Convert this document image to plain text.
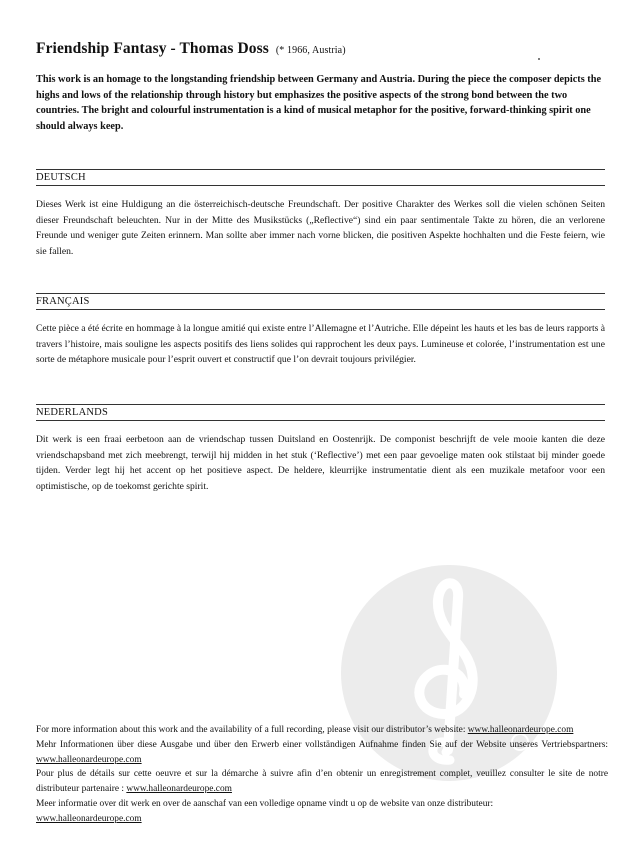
Friendship Fantasy - Thomas Doss (* 1966, Austria)
This work is an homage to the longstanding friendship between Germany and Austria. During the piece the composer depicts the highs and lows of the relationship through history but emphasizes the positive aspects of the strong bond between the two countries. The bright and colourful instrumentation is a kind of musical metaphor for the positive, forward-thinking spirit one should always keep.
DEUTSCH
Dieses Werk ist eine Huldigung an die österreichisch-deutsche Freundschaft. Der positive Charakter des Werkes soll die vielen schönen Seiten dieser Freundschaft beleuchten. Nur in der Mitte des Musikstücks („Reflective“) sind ein paar sentimentale Takte zu hören, die an verlorene Freunde und weniger gute Zeiten erinnern. Man sollte aber immer nach vorne blicken, die positiven Aspekte hochhalten und die Feste feiern, wie sie fallen.
FRANÇAIS
Cette pièce a été écrite en hommage à la longue amitié qui existe entre l’Allemagne et l’Autriche. Elle dépeint les hauts et les bas de leurs rapports à travers l’histoire, mais souligne les aspects positifs des liens solides qui rapprochent les deux pays. Lumineuse et colorée, l’instrumentation est une sorte de métaphore musicale pour l’esprit ouvert et constructif que l’on devrait toujours privilégier.
NEDERLANDS
Dit werk is een fraai eerbetoon aan de vriendschap tussen Duitsland en Oostenrijk. De componist beschrijft de vele mooie kanten die deze vriendschapsband met zich meebrengt, terwijl hij midden in het stuk (‘Reflective’) met een paar gevoelige maten ook stilstaat bij minder goede tijden. Verder legt hij het accent op het positieve aspect. De heldere, kleurrijke instrumentatie dient als een muzikale metafoor voor een optimistische, op de toekomst gerichte spirit.

For more information about this work and the availability of a full recording, please visit our distributor’s website: www.halleonardeurope.com

Mehr Informationen über diese Ausgabe und über den Erwerb einer vollständigen Aufnahme finden Sie auf der Website unseres Vertriebspartners: www.halleonardeurope.com

Pour plus de détails sur cette oeuvre et sur la démarche à suivre afin d’en obtenir un enregistrement complet, veuillez consulter le site de notre distributeur partenaire : www.halleonardeurope.com

Meer informatie over dit werk en over de aanschaf van een volledige opname vindt u op de website van onze distributeur:
www.halleonardeurope.com
